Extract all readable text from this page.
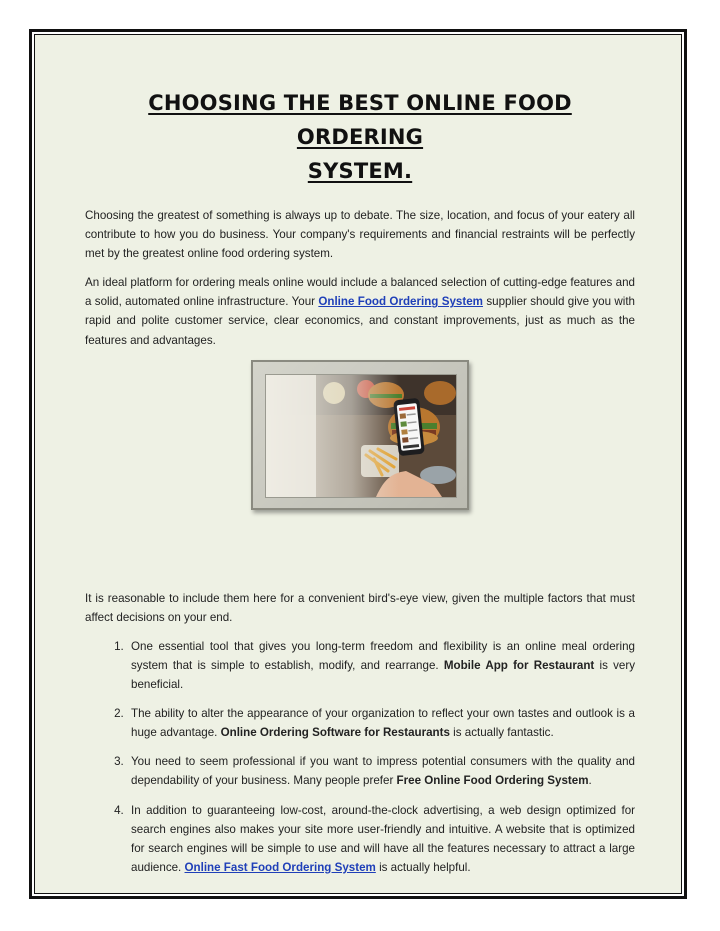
CHOOSING THE BEST ONLINE FOOD ORDERING
SYSTEM.

Choosing the greatest of something is always up to debate. The size, location, and focus of your eatery all contribute to how you do business. Your company's requirements and financial restraints will be perfectly met by the greatest online food ordering system.

An ideal platform for ordering meals online would include a balanced selection of cutting-edge features and a solid, automated online infrastructure. Your Online Food Ordering System supplier should give you with rapid and polite customer service, clear economics, and constant improvements, just as much as the features and advantages.

It is reasonable to include them here for a convenient bird's-eye view, given the multiple factors that must affect decisions on your end.

1. One essential tool that gives you long-term freedom and flexibility is an online meal ordering system that is simple to establish, modify, and rearrange. Mobile App for Restaurant is very beneficial.
2. The ability to alter the appearance of your organization to reflect your own tastes and outlook is a huge advantage. Online Ordering Software for Restaurants is actually fantastic.
3. You need to seem professional if you want to impress potential consumers with the quality and dependability of your business. Many people prefer Free Online Food Ordering System.
4. In addition to guaranteeing low-cost, around-the-clock advertising, a web design optimized for search engines also makes your site more user-friendly and intuitive. A website that is optimized for search engines will be simple to use and will have all the features necessary to attract a large audience. Online Fast Food Ordering System is actually helpful.
